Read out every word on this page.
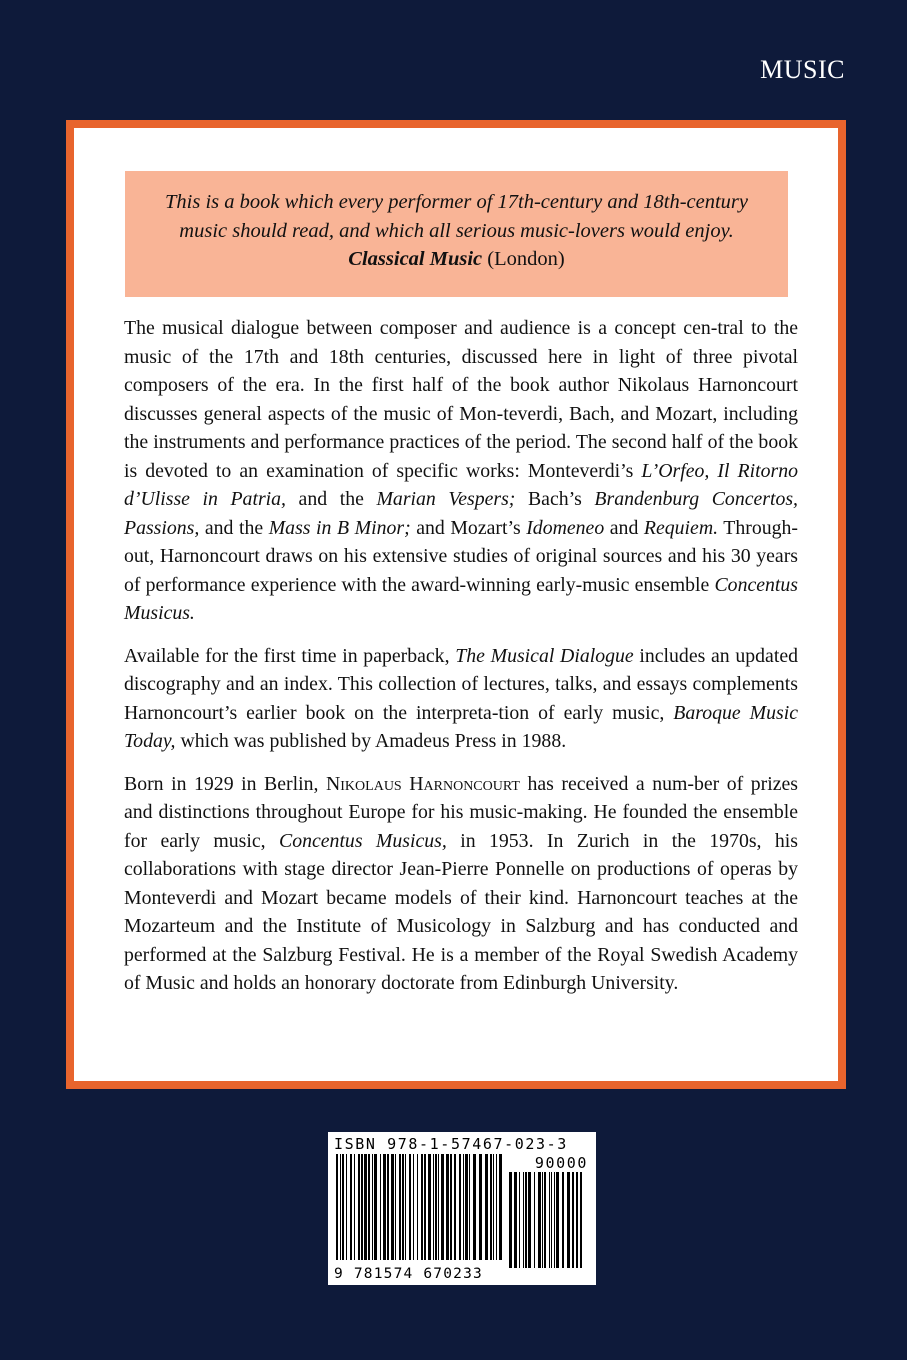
MUSIC
This is a book which every performer of 17th-century and 18th-century
music should read, and which all serious music-lovers would enjoy.
Classical Music (London)

The musical dialogue between composer and audience is a concept cen-tral to the music of the 17th and 18th centuries, discussed here in light of three pivotal composers of the era. In the first half of the book author Nikolaus Harnoncourt discusses general aspects of the music of Mon-teverdi, Bach, and Mozart, including the instruments and performance practices of the period. The second half of the book is devoted to an examination of specific works: Monteverdi’s L’Orfeo, Il Ritorno d’Ulisse in Patria, and the Marian Vespers; Bach’s Brandenburg Concertos, Passions, and the Mass in B Minor; and Mozart’s Idomeneo and Requiem. Through-out, Harnoncourt draws on his extensive studies of original sources and his 30 years of performance experience with the award-winning early-music ensemble Concentus Musicus.

Available for the first time in paperback, The Musical Dialogue includes an updated discography and an index. This collection of lectures, talks, and essays complements Harnoncourt’s earlier book on the interpreta-tion of early music, Baroque Music Today, which was published by Amadeus Press in 1988.

Born in 1929 in Berlin, Nikolaus Harnoncourt has received a num-ber of prizes and distinctions throughout Europe for his music-making. He founded the ensemble for early music, Concentus Musicus, in 1953. In Zurich in the 1970s, his collaborations with stage director Jean-Pierre Ponnelle on productions of operas by Monteverdi and Mozart became models of their kind. Harnoncourt teaches at the Mozarteum and the Institute of Musicology in Salzburg and has conducted and performed at the Salzburg Festival. He is a member of the Royal Swedish Academy of Music and holds an honorary doctorate from Edinburgh University.

ISBN 978-1-57467-023-3
90000
9 781574 670233
